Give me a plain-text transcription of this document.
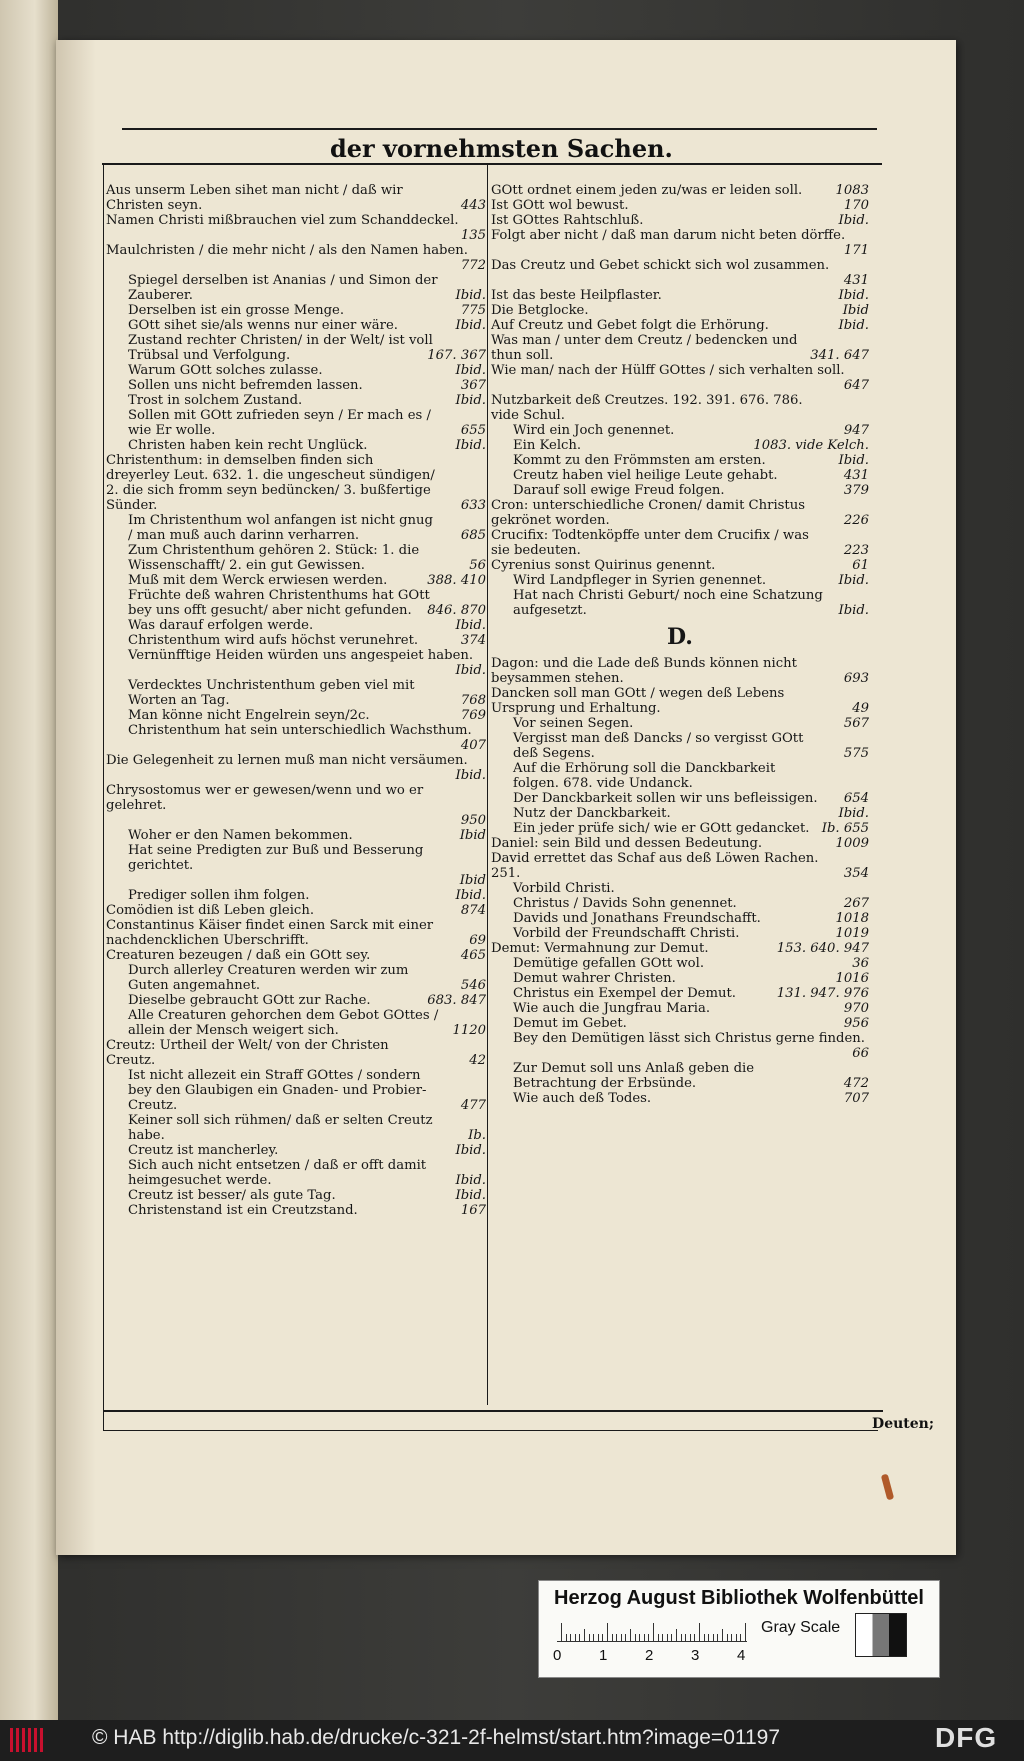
der vornehmsten Sachen.
Aus unserm Leben sihet man nicht / daß wir Christen seyn.	443
Namen Christi mißbrauchen viel zum Schanddeckel.
135
Maulchristen / die mehr nicht / als den Namen haben.
772
Spiegel derselben ist Ananias / und Simon der Zauberer.	Ibid.
Derselben ist ein grosse Menge.	775
GOtt sihet sie/als wenns nur einer wäre.	Ibid.
Zustand rechter Christen/ in der Welt/ ist voll Trübsal und Verfolgung.	167. 367
Warum GOtt solches zulasse.	Ibid.
Sollen uns nicht befremden lassen.	367
Trost in solchem Zustand.	Ibid.
Sollen mit GOtt zufrieden seyn / Er mach es / wie Er wolle.	655
Christen haben kein recht Unglück.	Ibid.
Christenthum: in demselben finden sich dreyerley Leut. 632. 1. die ungescheut sündigen/ 2. die sich fromm seyn bedüncken/ 3. bußfertige Sünder.	633
Im Christenthum wol anfangen ist nicht gnug / man muß auch darinn verharren.	685
Zum Christenthum gehören 2. Stück: 1. die Wissenschafft/ 2. ein gut Gewissen.	56
Muß mit dem Werck erwiesen werden.	388. 410
Früchte deß wahren Christenthums hat GOtt bey uns offt gesucht/ aber nicht gefunden. 846. 870
Was darauf erfolgen werde.	Ibid.
Christenthum wird aufs höchst verunehret.	374
Vernünfftige Heiden würden uns angespeiet haben.
Ibid.
Verdecktes Unchristenthum geben viel mit Worten an Tag.	768
Man könne nicht Engelrein seyn/2c.	769
Christenthum hat sein unterschiedlich Wachsthum.
407
Die Gelegenheit zu lernen muß man nicht versäumen.
Ibid.
Chrysostomus wer er gewesen/wenn und wo er gelehret.
950
Woher er den Namen bekommen.	Ibid
Hat seine Predigten zur Buß und Besserung gerichtet.
Ibid
Prediger sollen ihm folgen.	Ibid.
Comödien ist diß Leben gleich.	874
Constantinus Käiser findet einen Sarck mit einer nachdencklichen Uberschrifft.	69
Creaturen bezeugen / daß ein GOtt sey.	465
Durch allerley Creaturen werden wir zum Guten angemahnet.	546
Dieselbe gebraucht GOtt zur Rache.	683. 847
Alle Creaturen gehorchen dem Gebot GOttes / allein der Mensch weigert sich.	1120
Creutz: Urtheil der Welt/ von der Christen Creutz.	42
Ist nicht allezeit ein Straff GOttes / sondern bey den Glaubigen ein Gnaden- und Probier-Creutz.	477
Keiner soll sich rühmen/ daß er selten Creutz habe.	Ib.
Creutz ist mancherley.	Ibid.
Sich auch nicht entsetzen / daß er offt damit heimgesuchet werde.	Ibid.
Creutz ist besser/ als gute Tag.	Ibid.
Christenstand ist ein Creutzstand.	167
GOtt ordnet einem jeden zu/was er leiden soll.	1083
Ist GOtt wol bewust.	170
Ist GOttes Rahtschluß.	Ibid.
Folgt aber nicht / daß man darum nicht beten dörffe.
171
Das Creutz und Gebet schickt sich wol zusammen.
431
Ist das beste Heilpflaster.	Ibid.
Die Betglocke.	Ibid
Auf Creutz und Gebet folgt die Erhörung.	Ibid.
Was man / unter dem Creutz / bedencken und thun soll.	341. 647
Wie man/ nach der Hülff GOttes / sich verhalten soll.
647
Nutzbarkeit deß Creutzes. 192. 391. 676. 786. vide Schul.
Wird ein Joch genennet.	947
Ein Kelch.	1083. vide Kelch.
Kommt zu den Frömmsten am ersten.	Ibid.
Creutz haben viel heilige Leute gehabt.	431
Darauf soll ewige Freud folgen.	379
Cron: unterschiedliche Cronen/ damit Christus gekrönet worden.	226
Crucifix: Todtenköpffe unter dem Crucifix / was sie bedeuten.	223
Cyrenius sonst Quirinus genennt.	61
Wird Landpfleger in Syrien genennet.	Ibid.
Hat nach Christi Geburt/ noch eine Schatzung aufgesetzt.	Ibid.
D.
Dagon: und die Lade deß Bunds können nicht beysammen stehen.	693
Dancken soll man GOtt / wegen deß Lebens Ursprung und Erhaltung.	49
Vor seinen Segen.	567
Vergisst man deß Dancks / so vergisst GOtt deß Segens.	575
Auf die Erhörung soll die Danckbarkeit folgen. 678. vide Undanck.
Der Danckbarkeit sollen wir uns befleissigen. 654
Nutz der Danckbarkeit.	Ibid.
Ein jeder prüfe sich/ wie er GOtt gedancket. Ib. 655
Daniel: sein Bild und dessen Bedeutung.	1009
David errettet das Schaf aus deß Löwen Rachen. 251.	354
Vorbild Christi.
Christus / Davids Sohn genennet.	267
Davids und Jonathans Freundschafft.	1018
Vorbild der Freundschafft Christi.	1019
Demut: Vermahnung zur Demut.	153. 640. 947
Demütige gefallen GOtt wol.	36
Demut wahrer Christen.	1016
Christus ein Exempel der Demut.	131. 947. 976
Wie auch die Jungfrau Maria.	970
Demut im Gebet.	956
Bey den Demütigen lässt sich Christus gerne finden.
66
Zur Demut soll uns Anlaß geben die Betrachtung der Erbsünde.	472
Wie auch deß Todes.	707
Deuten;
Herzog August Bibliothek Wolfenbüttel
0	1	2	3	4
Gray Scale
© HAB http://diglib.hab.de/drucke/c-321-2f-helmst/start.htm?image=01197	DFG
